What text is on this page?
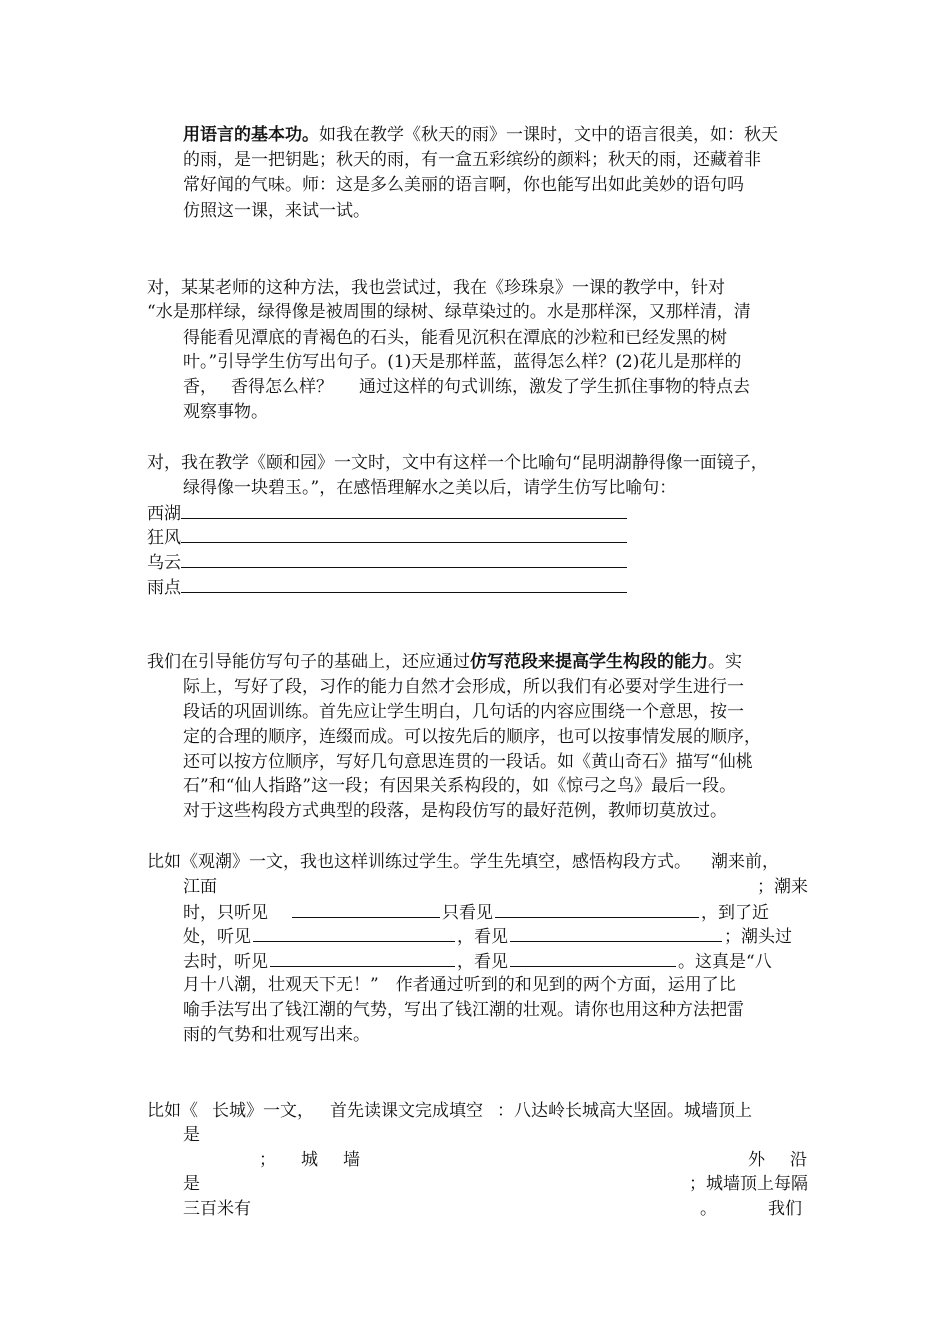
用语言的基本功。如我在教学《秋天的雨》一课时，文中的语言很美，如：秋天
的雨，是一把钥匙；秋天的雨，有一盒五彩缤纷的颜料；秋天的雨，还藏着非
常好闻的气味。师：这是多么美丽的语言啊，你也能写出如此美妙的语句吗
仿照这一课，来试一试。
对，某某老师的这种方法，我也尝试过，我在《珍珠泉》一课的教学中，针对
“水是那样绿，绿得像是被周围的绿树、绿草染过的。水是那样深，又那样清，清
得能看见潭底的青褐色的石头，能看见沉积在潭底的沙粒和已经发黑的树
叶。”引导学生仿写出句子。(1)天是那样蓝，蓝得怎么样？(2)花儿是那样的
香， 香得怎么样？ 通过这样的句式训练，激发了学生抓住事物的特点去
观察事物。
对，我在教学《颐和园》一文时，文中有这样一个比喻句“昆明湖静得像一面镜子，
绿得像一块碧玉。”，在感悟理解水之美以后，请学生仿写比喻句：
西湖
狂风
乌云
雨点
我们在引导能仿写句子的基础上，还应通过仿写范段来提高学生构段的能力。实
际上，写好了段，习作的能力自然才会形成，所以我们有必要对学生进行一
段话的巩固训练。首先应让学生明白，几句话的内容应围绕一个意思，按一
定的合理的顺序，连缀而成。可以按先后的顺序，也可以按事情发展的顺序，
还可以按方位顺序，写好几句意思连贯的一段话。如《黄山奇石》描写“仙桃
石”和“仙人指路”这一段；有因果关系构段的，如《惊弓之鸟》最后一段。
对于这些构段方式典型的段落，是构段仿写的最好范例，教师切莫放过。
比如《观潮》一文，我也这样训练过学生。学生先填空，感悟构段方式。 潮来前，
江面	；潮来
时，只听见	只看见	，到了近
处，听见	，看见	；潮头过
去时，听见	，看见	。这真是“八
月十八潮，壮观天下无！”　作者通过听到的和见到的两个方面，运用了比
喻手法写出了钱江潮的气势，写出了钱江潮的壮观。请你也用这种方法把雷
雨的气势和壮观写出来。
比如《 长城》一文， 首先读课文完成填空 ：八达岭长城高大坚固。城墙顶上
是
； 城 墙	外 沿
是	；城墙顶上每隔
三百米有	。	我们
